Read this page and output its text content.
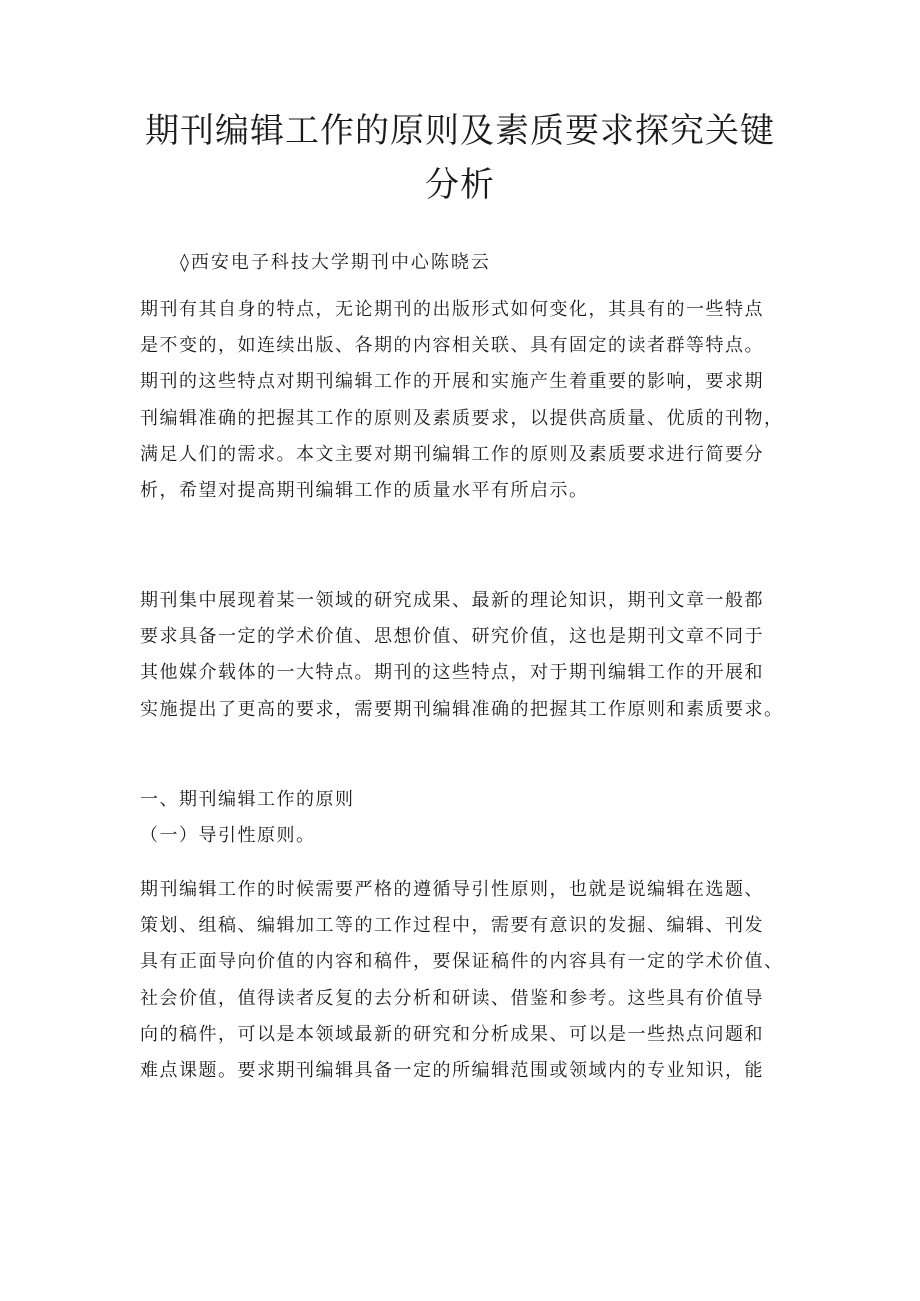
期刊编辑工作的原则及素质要求探究关键
分析
◊西安电子科技大学期刊中心陈晓云
期刊有其自身的特点，无论期刊的出版形式如何变化，其具有的一些特点
是不变的，如连续出版、各期的内容相关联、具有固定的读者群等特点。
期刊的这些特点对期刊编辑工作的开展和实施产生着重要的影响，要求期
刊编辑准确的把握其工作的原则及素质要求，以提供高质量、优质的刊物，
满足人们的需求。本文主要对期刊编辑工作的原则及素质要求进行简要分
析，希望对提高期刊编辑工作的质量水平有所启示。
期刊集中展现着某一领域的研究成果、最新的理论知识，期刊文章一般都
要求具备一定的学术价值、思想价值、研究价值，这也是期刊文章不同于
其他媒介载体的一大特点。期刊的这些特点，对于期刊编辑工作的开展和
实施提出了更高的要求，需要期刊编辑准确的把握其工作原则和素质要求。
一、期刊编辑工作的原则
（一）导引性原则。
期刊编辑工作的时候需要严格的遵循导引性原则，也就是说编辑在选题、
策划、组稿、编辑加工等的工作过程中，需要有意识的发掘、编辑、刊发
具有正面导向价值的内容和稿件，要保证稿件的内容具有一定的学术价值、
社会价值，值得读者反复的去分析和研读、借鉴和参考。这些具有价值导
向的稿件，可以是本领域最新的研究和分析成果、可以是一些热点问题和
难点课题。要求期刊编辑具备一定的所编辑范围或领域内的专业知识，能
